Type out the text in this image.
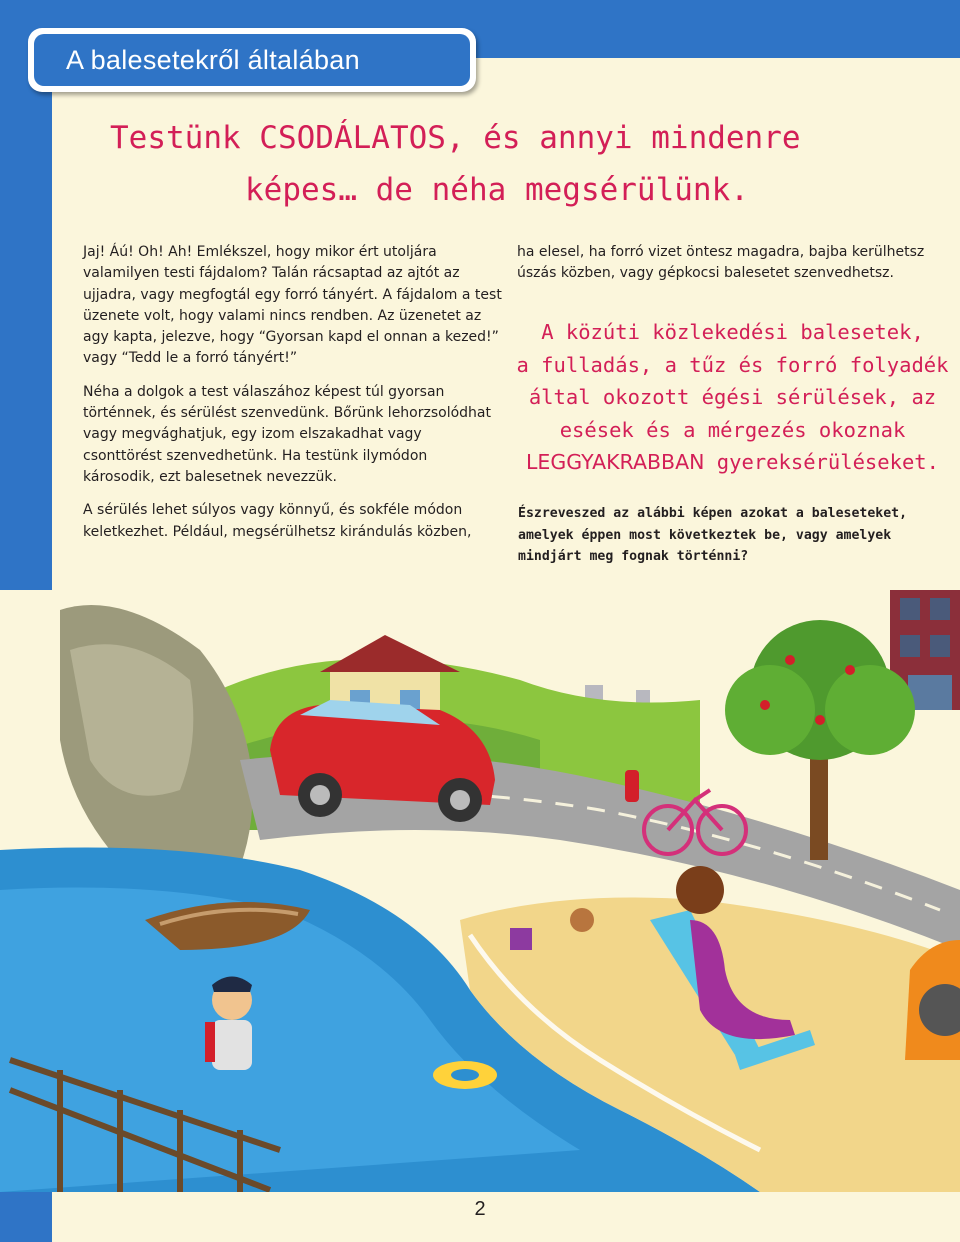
A balesetekről általában
Testünk CSODÁLATOS, és annyi mindenre
képes… de néha megsérülünk.

Jaj! Áú! Oh! Ah! Emlékszel, hogy mikor ért utoljára valamilyen testi fájdalom? Talán rácsaptad az ajtót az ujjadra, vagy megfogtál egy forró tányért. A fájdalom a test üzenete volt, hogy valami nincs rendben. Az üzenetet az agy kapta, jelezve, hogy “Gyorsan kapd el onnan a kezed!” vagy “Tedd le a forró tányért!”

Néha a dolgok a test válaszához képest túl gyorsan történnek, és sérülést szenvedünk. Bőrünk lehorzsolódhat vagy megvághatjuk, egy izom elszakadhat vagy csonttörést szenvedhetünk. Ha testünk ilymódon károsodik, ezt balesetnek nevezzük.

A sérülés lehet súlyos vagy könnyű, és sokféle módon keletkezhet. Például, megsérülhetsz kirándulás közben,

ha elesel, ha forró vizet öntesz magadra, bajba kerülhetsz úszás közben, vagy gépkocsi balesetet szenvedhetsz.

A közúti közlekedési balesetek,
a fulladás, a tűz és forró folyadék
által okozott égési sérülések, az
esések és a mérgezés okoznak
LEGGYAKRABBAN gyereksérüléseket.
Észreveszed az alábbi képen azokat a baleseteket, amelyek éppen most következtek be, vagy amelyek mindjárt meg fognak történni?
2
